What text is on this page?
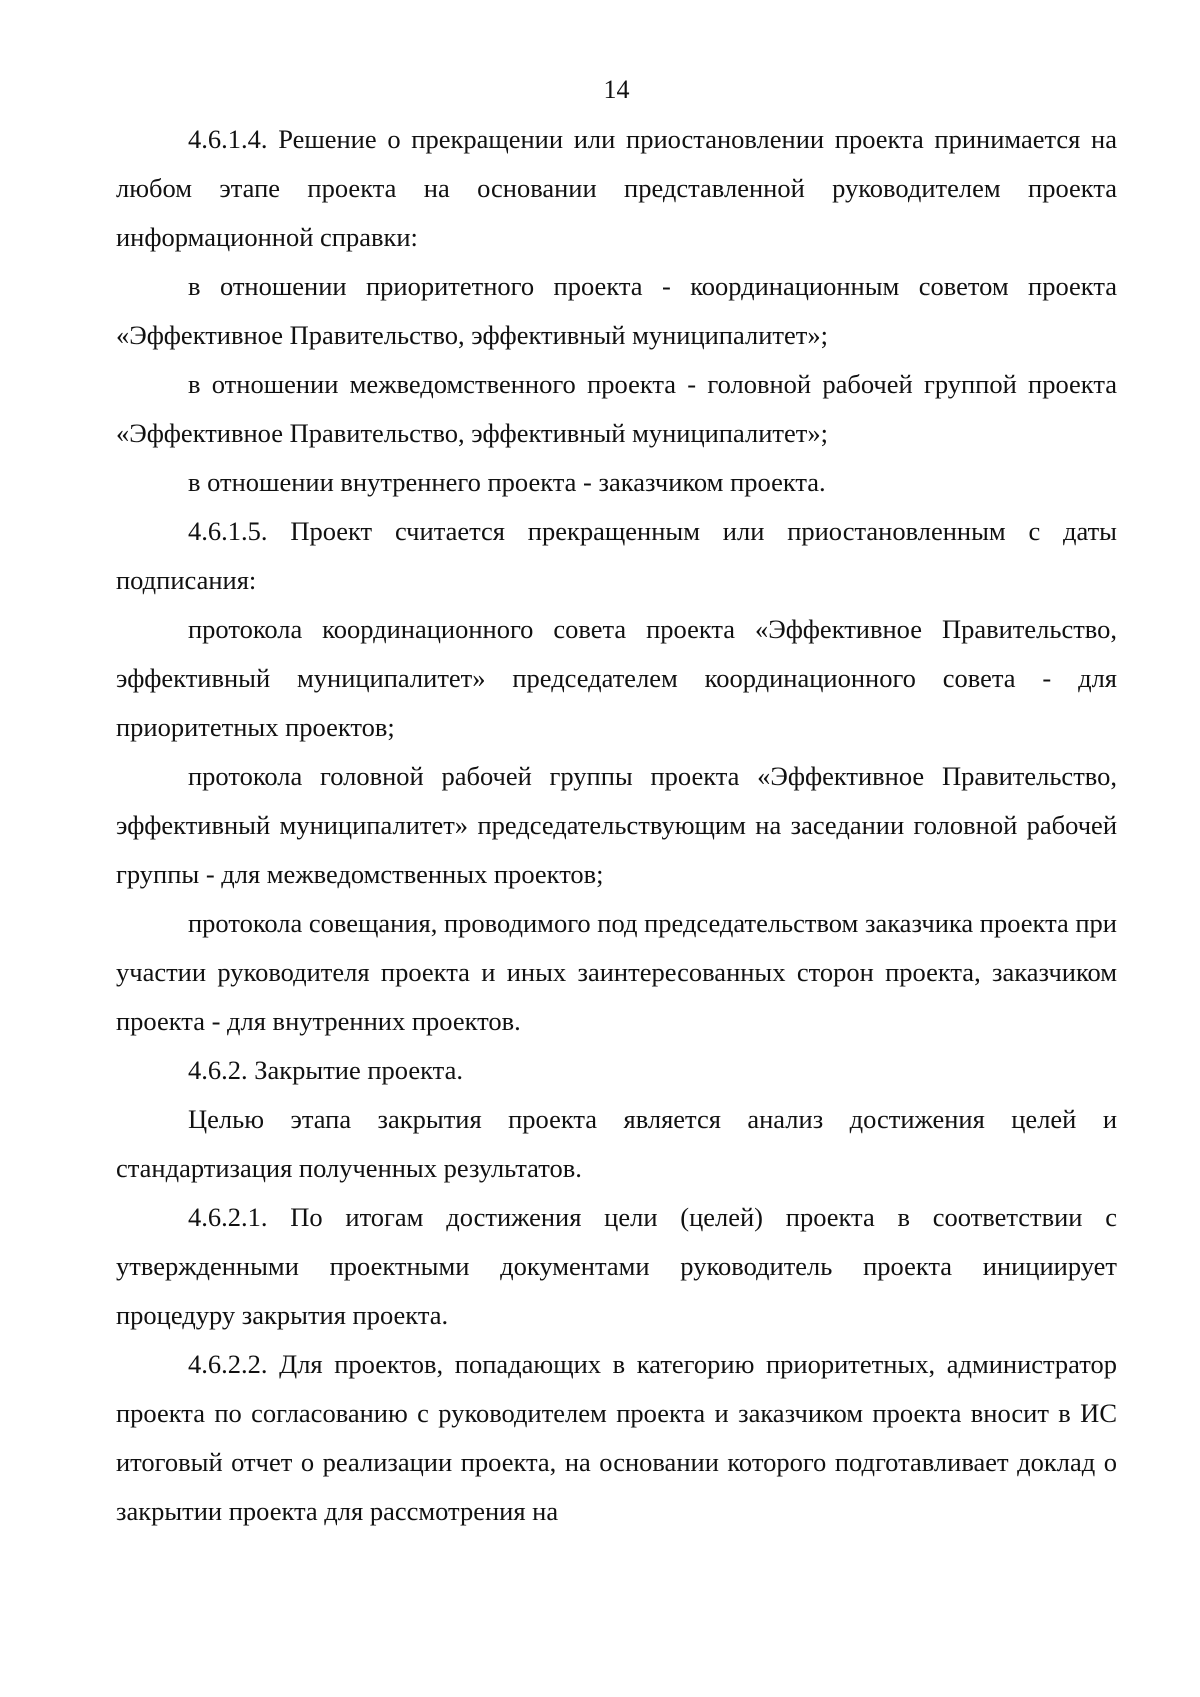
14

4.6.1.4. Решение о прекращении или приостановлении проекта принимается на любом этапе проекта на основании представленной руководителем проекта информационной справки:

в отношении приоритетного проекта - координационным советом проекта «Эффективное Правительство, эффективный муниципалитет»;

в отношении межведомственного проекта - головной рабочей группой проекта «Эффективное Правительство, эффективный муниципалитет»;

в отношении внутреннего проекта - заказчиком проекта.

4.6.1.5. Проект считается прекращенным или приостановленным с даты подписания:

протокола координационного совета проекта «Эффективное Правительство, эффективный муниципалитет» председателем координационного совета - для приоритетных проектов;

протокола головной рабочей группы проекта «Эффективное Правительство, эффективный муниципалитет» председательствующим на заседании головной рабочей группы - для межведомственных проектов;

протокола совещания, проводимого под председательством заказчика проекта при участии руководителя проекта и иных заинтересованных сторон проекта, заказчиком проекта - для внутренних проектов.

4.6.2. Закрытие проекта.

Целью этапа закрытия проекта является анализ достижения целей и стандартизация полученных результатов.

4.6.2.1. По итогам достижения цели (целей) проекта в соответствии с утвержденными проектными документами руководитель проекта инициирует процедуру закрытия проекта.

4.6.2.2. Для проектов, попадающих в категорию приоритетных, администратор проекта по согласованию с руководителем проекта и заказчиком проекта вносит в ИС итоговый отчет о реализации проекта, на основании которого подготавливает доклад о закрытии проекта для рассмотрения на
